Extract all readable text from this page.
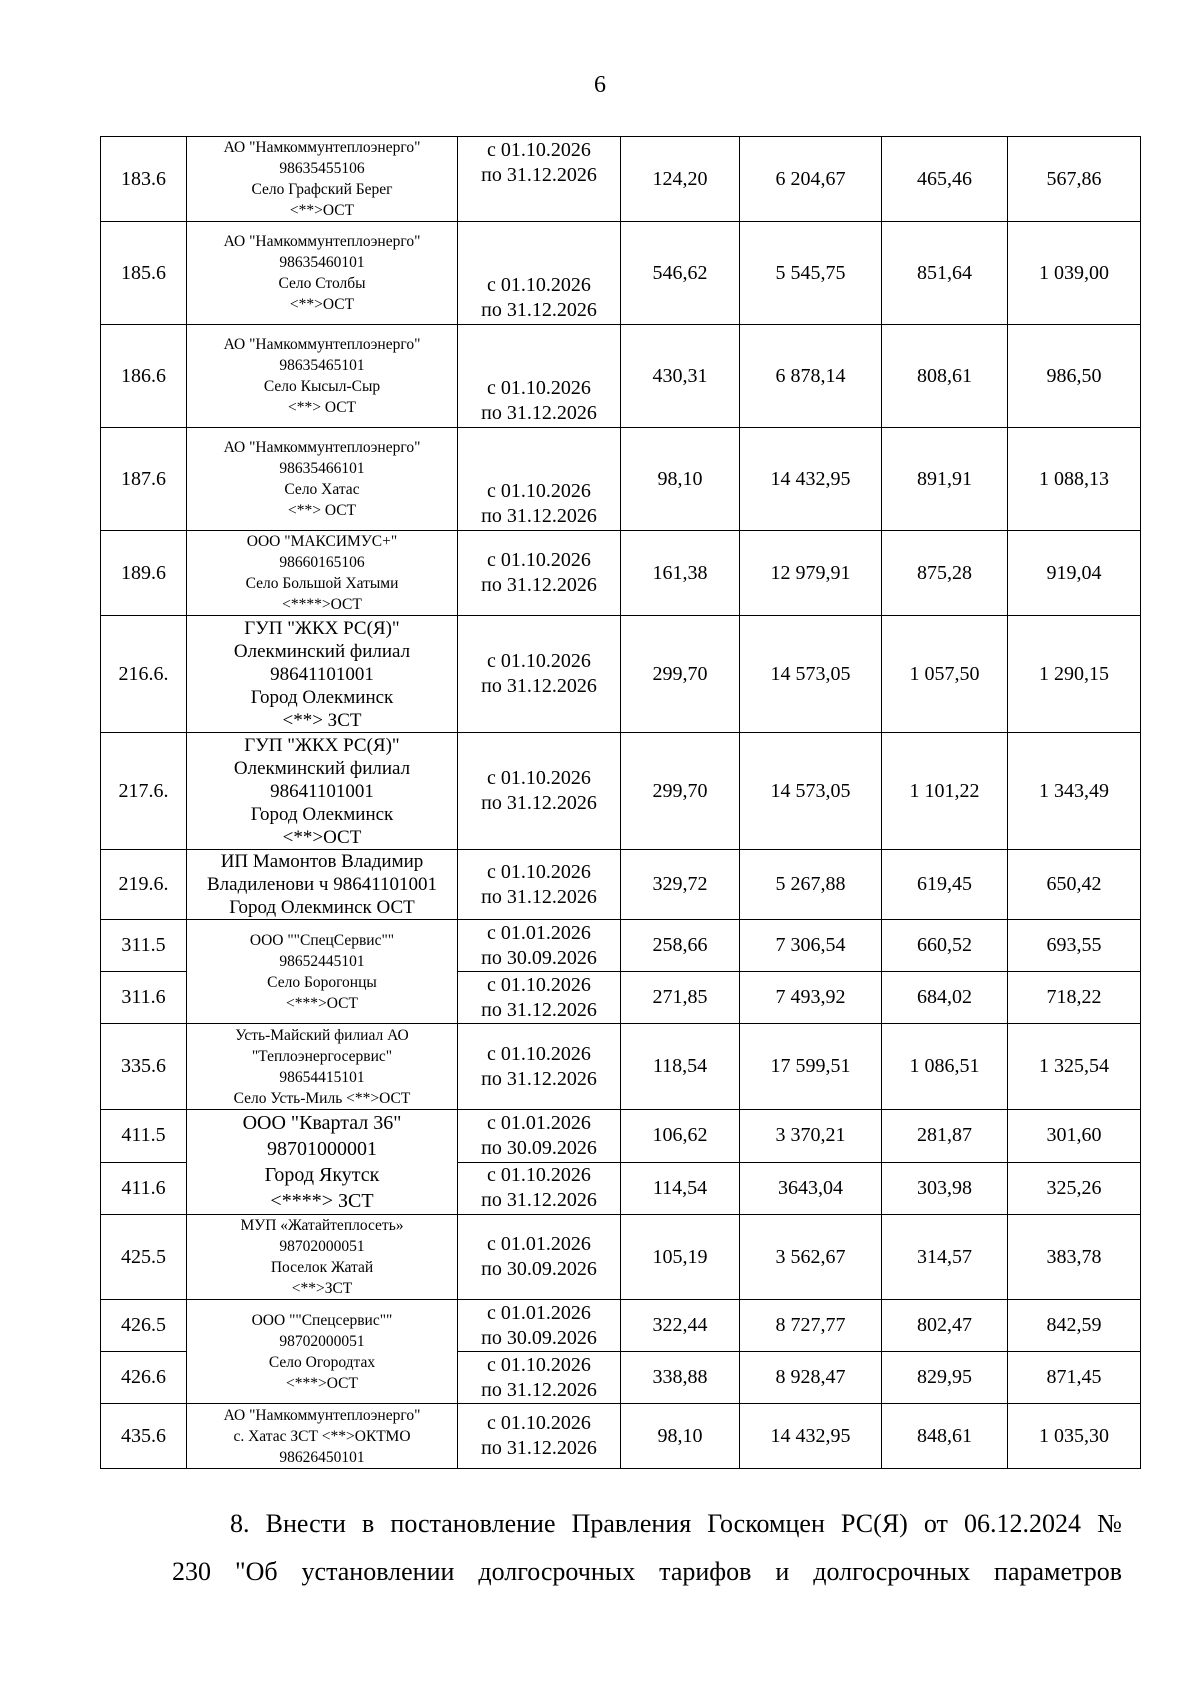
6
183.6	АО "Намкоммунтеплоэнерго"
98635455106
Село Графский Берег
<**>ОСТ	с 01.10.2026
по 31.12.2026	124,20	6 204,67	465,46	567,86
185.6	АО "Намкоммунтеплоэнерго"
98635460101
Село Столбы
<**>ОСТ	с 01.10.2026
по 31.12.2026	546,62	5 545,75	851,64	1 039,00
186.6	АО "Намкоммунтеплоэнерго"
98635465101
Село Кысыл-Сыр
<**> ОСТ	с 01.10.2026
по 31.12.2026	430,31	6 878,14	808,61	986,50
187.6	АО "Намкоммунтеплоэнерго"
98635466101
Село Хатас
<**> ОСТ	с 01.10.2026
по 31.12.2026	98,10	14 432,95	891,91	1 088,13
189.6	ООО "МАКСИМУС+"
98660165106
Село Большой Хатыми
<****>ОСТ	с 01.10.2026
по 31.12.2026	161,38	12 979,91	875,28	919,04
216.6.	ГУП "ЖКХ РС(Я)"
Олекминский филиал
98641101001
Город Олекминск
<**> ЗСТ	с 01.10.2026
по 31.12.2026	299,70	14 573,05	1 057,50	1 290,15
217.6.	ГУП "ЖКХ РС(Я)"
Олекминский филиал
98641101001
Город Олекминск
<**>ОСТ	с 01.10.2026
по 31.12.2026	299,70	14 573,05	1 101,22	1 343,49
219.6.	ИП Мамонтов Владимир
Владиленови ч 98641101001
Город Олекминск ОСТ	с 01.10.2026
по 31.12.2026	329,72	5 267,88	619,45	650,42
311.5	ООО ""СпецСервис""
98652445101
Село Борогонцы
<***>ОСТ	с 01.01.2026
по 30.09.2026	258,66	7 306,54	660,52	693,55
311.6		с 01.10.2026
по 31.12.2026	271,85	7 493,92	684,02	718,22
335.6	Усть-Майский филиал АО
"Теплоэнергосервис"
98654415101
Село Усть-Миль <**>ОСТ	с 01.10.2026
по 31.12.2026	118,54	17 599,51	1 086,51	1 325,54
411.5	ООО "Квартал 36"
98701000001
Город Якутск
<****> ЗСТ	с 01.01.2026
по 30.09.2026	106,62	3 370,21	281,87	301,60
411.6		с 01.10.2026
по 31.12.2026	114,54	3643,04	303,98	325,26
425.5	МУП «Жатайтеплосеть»
98702000051
Поселок Жатай
<**>ЗСТ	с 01.01.2026
по 30.09.2026	105,19	3 562,67	314,57	383,78
426.5	ООО ""Спецсервис""
98702000051
Село Огородтах
<***>ОСТ	с 01.01.2026
по 30.09.2026	322,44	8 727,77	802,47	842,59
426.6		с 01.10.2026
по 31.12.2026	338,88	8 928,47	829,95	871,45
435.6	АО "Намкоммунтеплоэнерго"
с. Хатас ЗСТ <**>ОКТМО
98626450101	с 01.10.2026
по 31.12.2026	98,10	14 432,95	848,61	1 035,30
8. Внести в постановление Правления Госкомцен РС(Я) от 06.12.2024 №
230 "Об установлении долгосрочных тарифов и долгосрочных параметров
